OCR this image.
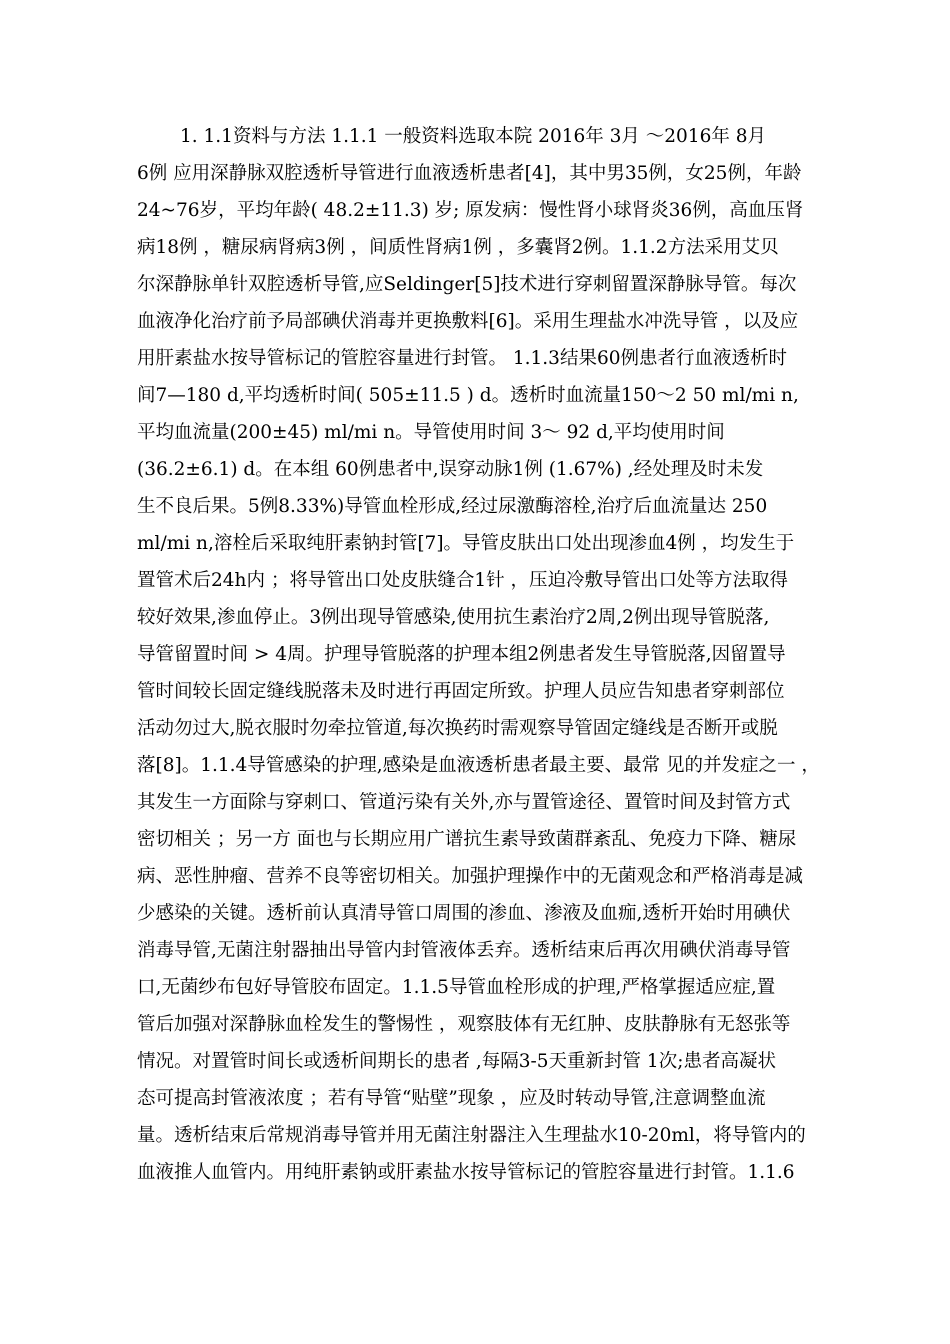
1. 1.1资料与方法 1.1.1 一般资料选取本院 2016年 3月 ～2016年 8月
6例 应用深静脉双腔透析导管进行血液透析患者[4]，其中男35例，女25例，年龄
24~76岁，平均年龄( 48.2±11.3) 岁; 原发病：慢性肾小球肾炎36例，高血压肾
病18例 ，糖尿病肾病3例 ，间质性肾病1例 ，多囊肾2例。1.1.2方法采用艾贝
尔深静脉单针双腔透析导管,应Seldinger[5]技术进行穿刺留置深静脉导管。每次
血液净化治疗前予局部碘伏消毒并更换敷料[6]。采用生理盐水冲洗导管 ，以及应
用肝素盐水按导管标记的管腔容量进行封管。 1.1.3结果60例患者行血液透析时
间7—180 d,平均透析时间( 505±11.5 ) d。透析时血流量150～2 50 ml/mi n,
平均血流量(200±45) ml/mi n。导管使用时间 3～ 92 d,平均使用时间
(36.2±6.1) d。在本组 60例患者中,误穿动脉1例 (1.67%) ,经处理及时未发
生不良后果。5例8.33%)导管血栓形成,经过尿激酶溶栓,治疗后血流量达 250
ml/mi n,溶栓后采取纯肝素钠封管[7]。导管皮肤出口处出现渗血4例 ，均发生于
置管术后24h内 ；将导管出口处皮肤缝合1针 ，压迫冷敷导管出口处等方法取得
较好效果,渗血停止。3例出现导管感染,使用抗生素治疗2周,2例出现导管脱落,
导管留置时间 > 4周。护理导管脱落的护理本组2例患者发生导管脱落,因留置导
管时间较长固定缝线脱落未及时进行再固定所致。护理人员应告知患者穿刺部位
活动勿过大,脱衣服时勿牵拉管道,每次换药时需观察导管固定缝线是否断开或脱
落[8]。1.1.4导管感染的护理,感染是血液透析患者最主要、最常 见的并发症之一 ，
其发生一方面除与穿刺口、管道污染有关外,亦与置管途径、置管时间及封管方式
密切相关 ；另一方 面也与长期应用广谱抗生素导致菌群紊乱、免疫力下降、糖尿
病、恶性肿瘤、营养不良等密切相关。加强护理操作中的无菌观念和严格消毒是减
少感染的关键。透析前认真清导管口周围的渗血、渗液及血痂,透析开始时用碘伏
消毒导管,无菌注射器抽出导管内封管液体丢弃。透析结束后再次用碘伏消毒导管
口,无菌纱布包好导管胶布固定。1.1.5导管血栓形成的护理,严格掌握适应症,置
管后加强对深静脉血栓发生的警惕性 ，观察肢体有无红肿、皮肤静脉有无怒张等
情况。对置管时间长或透析间期长的患者 ,每隔3-5天重新封管 1次;患者高凝状
态可提高封管液浓度 ；若有导管“贴壁”现象 ，应及时转动导管,注意调整血流
量。透析结束后常规消毒导管并用无菌注射器注入生理盐水10-20ml，将导管内的
血液推人血管内。用纯肝素钠或肝素盐水按导管标记的管腔容量进行封管。1.1.6
